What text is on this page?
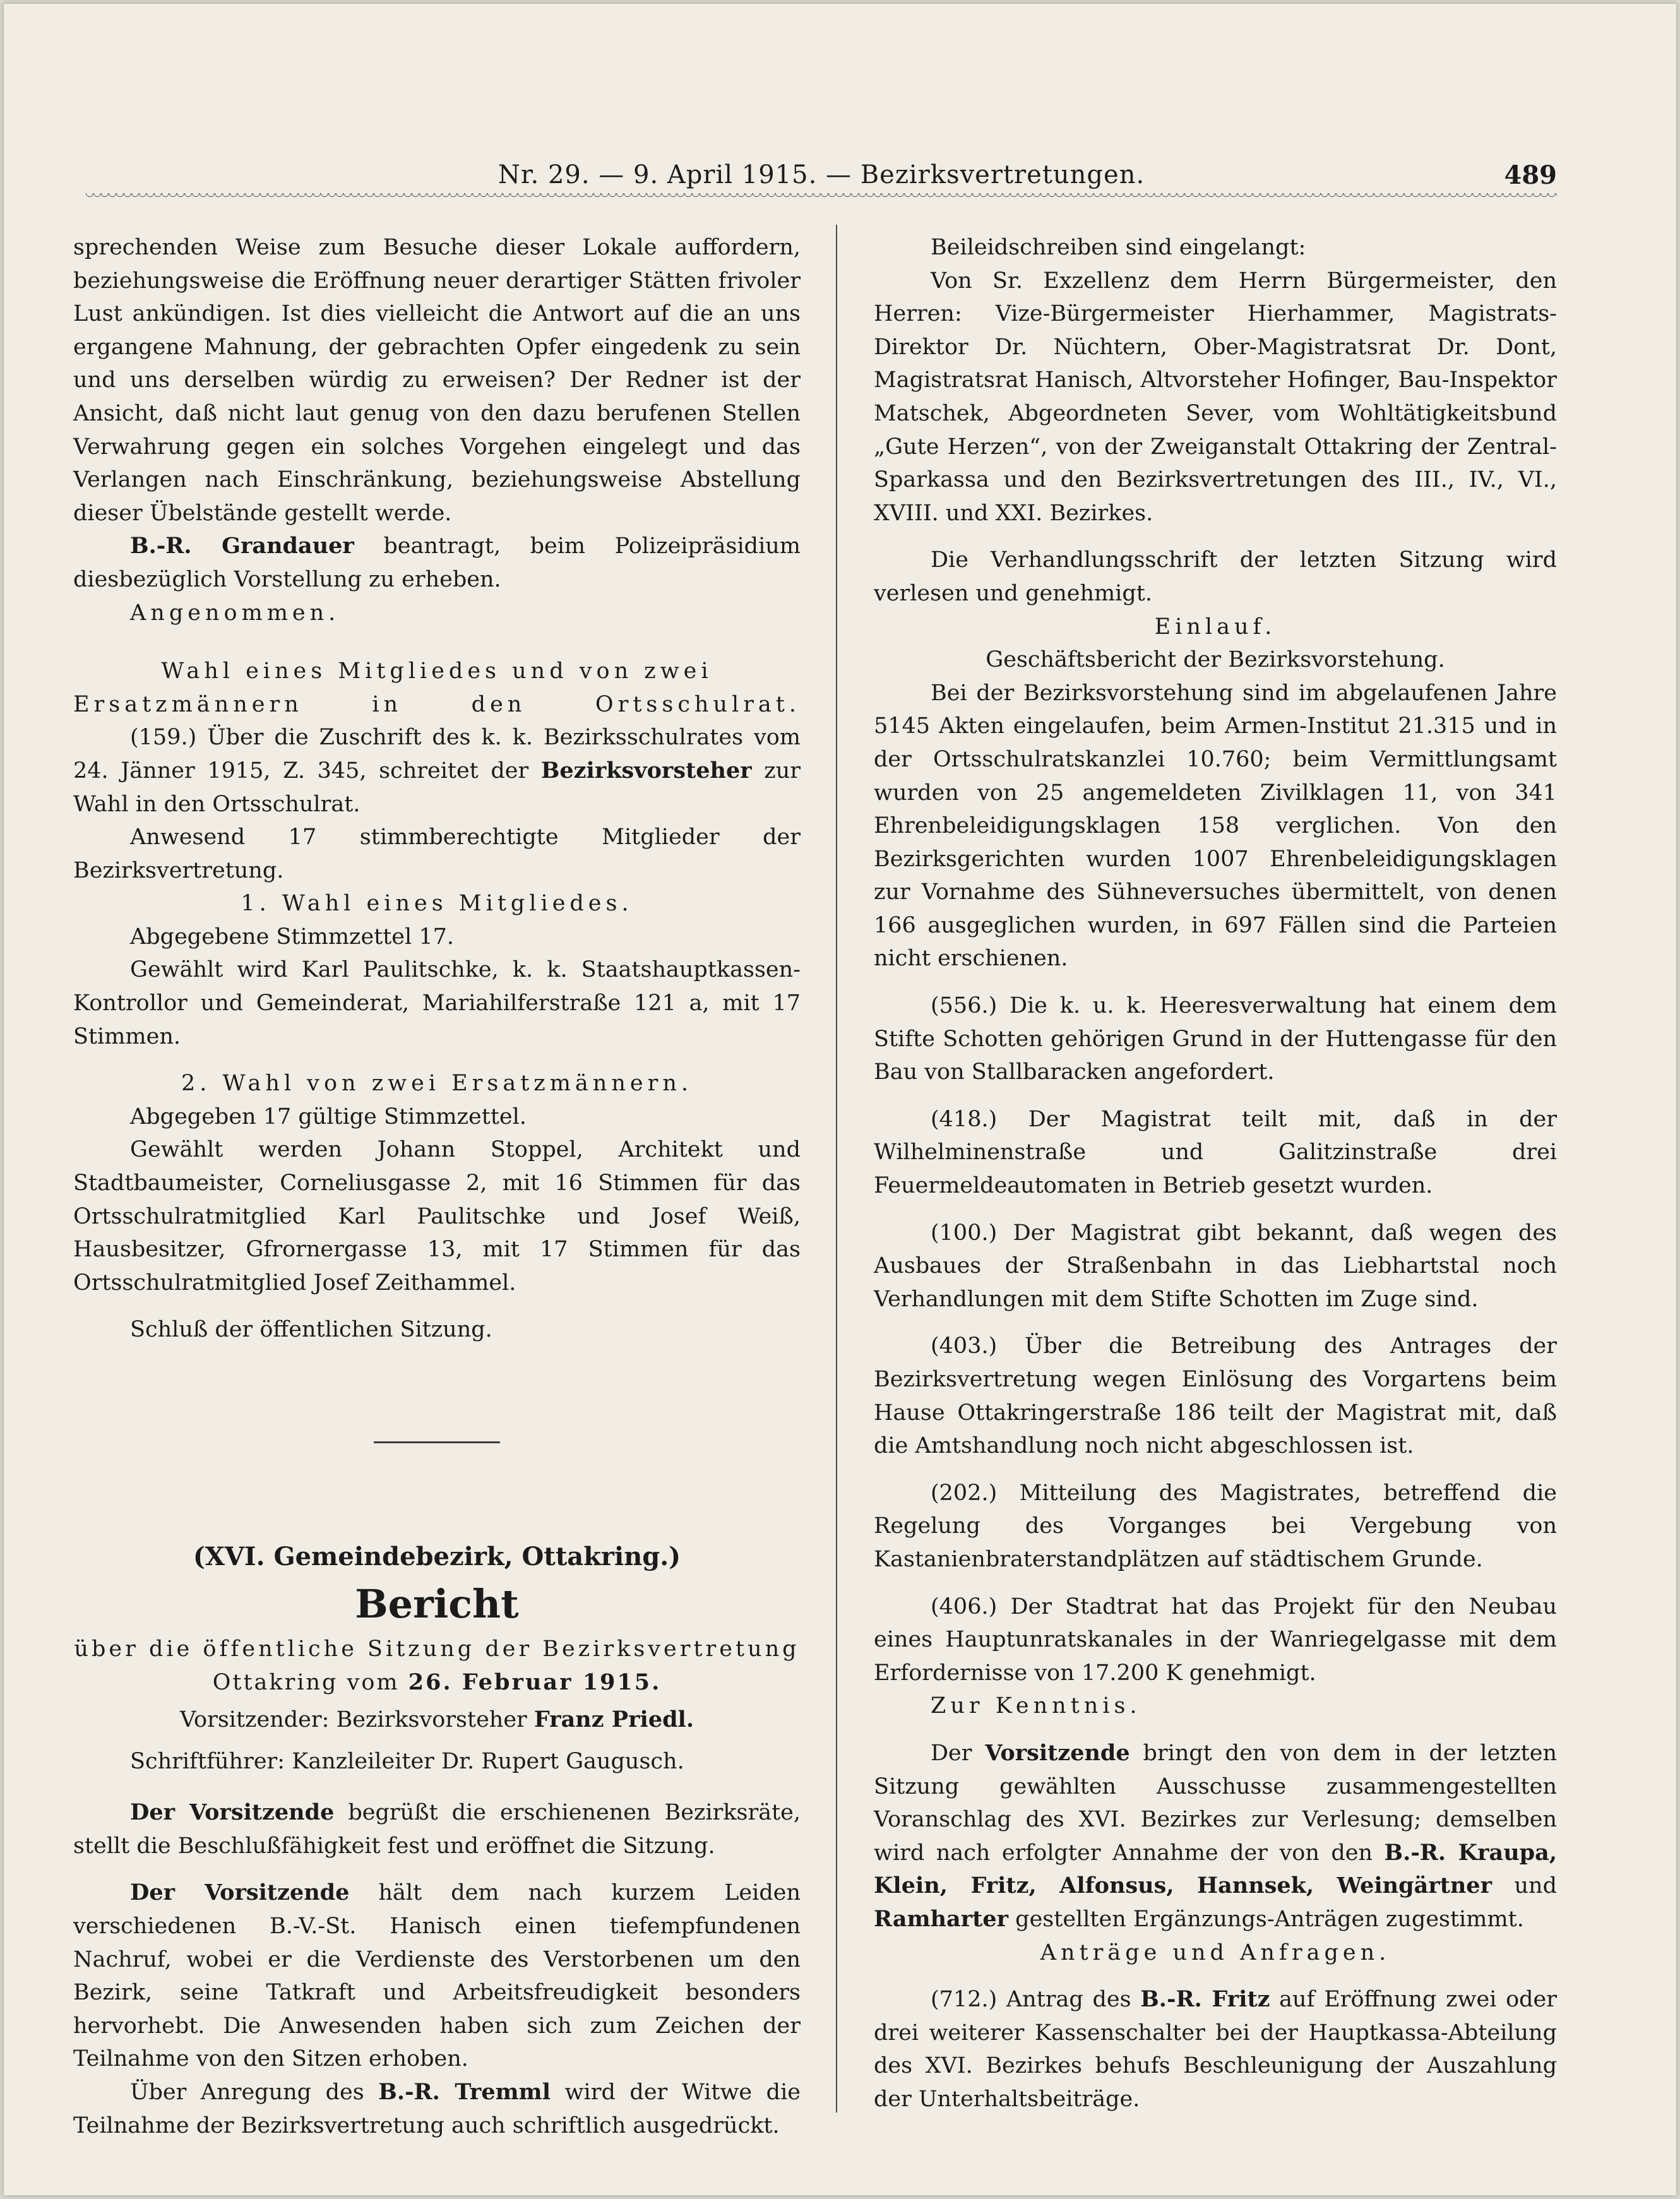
Nr. 29. — 9. April 1915. — Bezirksvertretungen.	489

sprechenden Weise zum Besuche dieser Lokale auffordern, beziehungsweise die Eröffnung neuer derartiger Stätten frivoler Lust ankündigen. Ist dies vielleicht die Antwort auf die an uns ergangene Mahnung, der gebrachten Opfer eingedenk zu sein und uns derselben würdig zu erweisen? Der Redner ist der Ansicht, daß nicht laut genug von den dazu berufenen Stellen Verwahrung gegen ein solches Vorgehen eingelegt und das Verlangen nach Einschränkung, beziehungsweise Abstellung dieser Übelstände gestellt werde.

B.-R. Grandauer beantragt, beim Polizeipräsidium diesbezüglich Vorstellung zu erheben.

Angenommen.

Wahl eines Mitgliedes und von zwei Ersatzmännern in den Ortsschulrat.

(159.) Über die Zuschrift des k. k. Bezirksschulrates vom 24. Jänner 1915, Z. 345, schreitet der Bezirksvorsteher zur Wahl in den Ortsschulrat.

Anwesend 17 stimmberechtigte Mitglieder der Bezirksvertretung.

1. Wahl eines Mitgliedes.

Abgegebene Stimmzettel 17.

Gewählt wird Karl Paulitschke, k. k. Staatshauptkassen-Kontrollor und Gemeinderat, Mariahilferstraße 121 a, mit 17 Stimmen.

2. Wahl von zwei Ersatzmännern.

Abgegeben 17 gültige Stimmzettel.

Gewählt werden Johann Stoppel, Architekt und Stadtbaumeister, Corneliusgasse 2, mit 16 Stimmen für das Ortsschulratmitglied Karl Paulitschke und Josef Weiß, Hausbesitzer, Gfrornergasse 13, mit 17 Stimmen für das Ortsschulratmitglied Josef Zeithammel.

Schluß der öffentlichen Sitzung.

(XVI. Gemeindebezirk, Ottakring.)

Bericht

über die öffentliche Sitzung der Bezirksvertretung

Ottakring vom 26. Februar 1915.

Vorsitzender: Bezirksvorsteher Franz Priedl.

Schriftführer: Kanzleileiter Dr. Rupert Gaugusch.

Der Vorsitzende begrüßt die erschienenen Bezirksräte, stellt die Beschlußfähigkeit fest und eröffnet die Sitzung.

Der Vorsitzende hält dem nach kurzem Leiden verschiedenen B.-V.-St. Hanisch einen tiefempfundenen Nachruf, wobei er die Verdienste des Verstorbenen um den Bezirk, seine Tatkraft und Arbeitsfreudigkeit besonders hervorhebt. Die Anwesenden haben sich zum Zeichen der Teilnahme von den Sitzen erhoben.

Über Anregung des B.-R. Tremml wird der Witwe die Teilnahme der Bezirksvertretung auch schriftlich ausgedrückt.

Beileidschreiben sind eingelangt:

Von Sr. Exzellenz dem Herrn Bürgermeister, den Herren: Vize-Bürgermeister Hierhammer, Magistrats-Direktor Dr. Nüchtern, Ober-Magistratsrat Dr. Dont, Magistratsrat Hanisch, Altvorsteher Hofinger, Bau-Inspektor Matschek, Abgeordneten Sever, vom Wohltätigkeitsbund „Gute Herzen“, von der Zweiganstalt Ottakring der Zentral-Sparkassa und den Bezirksvertretungen des III., IV., VI., XVIII. und XXI. Bezirkes.

Die Verhandlungsschrift der letzten Sitzung wird verlesen und genehmigt.

Einlauf.

Geschäftsbericht der Bezirksvorstehung.

Bei der Bezirksvorstehung sind im abgelaufenen Jahre 5145 Akten eingelaufen, beim Armen-Institut 21.315 und in der Ortsschulratskanzlei 10.760; beim Vermittlungsamt wurden von 25 angemeldeten Zivilklagen 11, von 341 Ehrenbeleidigungsklagen 158 verglichen. Von den Bezirksgerichten wurden 1007 Ehrenbeleidigungsklagen zur Vornahme des Sühneversuches übermittelt, von denen 166 ausgeglichen wurden, in 697 Fällen sind die Parteien nicht erschienen.

(556.) Die k. u. k. Heeresverwaltung hat einem dem Stifte Schotten gehörigen Grund in der Huttengasse für den Bau von Stallbaracken angefordert.

(418.) Der Magistrat teilt mit, daß in der Wilhelminenstraße und Galitzinstraße drei Feuermeldeautomaten in Betrieb gesetzt wurden.

(100.) Der Magistrat gibt bekannt, daß wegen des Ausbaues der Straßenbahn in das Liebhartstal noch Verhandlungen mit dem Stifte Schotten im Zuge sind.

(403.) Über die Betreibung des Antrages der Bezirksvertretung wegen Einlösung des Vorgartens beim Hause Ottakringerstraße 186 teilt der Magistrat mit, daß die Amtshandlung noch nicht abgeschlossen ist.

(202.) Mitteilung des Magistrates, betreffend die Regelung des Vorganges bei Vergebung von Kastanienbraterstandplätzen auf städtischem Grunde.

(406.) Der Stadtrat hat das Projekt für den Neubau eines Hauptunratskanales in der Wanriegelgasse mit dem Erfordernisse von 17.200 K genehmigt.

Zur Kenntnis.

Der Vorsitzende bringt den von dem in der letzten Sitzung gewählten Ausschusse zusammengestellten Voranschlag des XVI. Bezirkes zur Verlesung; demselben wird nach erfolgter Annahme der von den B.-R. Kraupa, Klein, Fritz, Alfonsus, Hannsek, Weingärtner und Ramharter gestellten Ergänzungs-Anträgen zugestimmt.

Anträge und Anfragen.

(712.) Antrag des B.-R. Fritz auf Eröffnung zwei oder drei weiterer Kassenschalter bei der Hauptkassa-Abteilung des XVI. Bezirkes behufs Beschleunigung der Auszahlung der Unterhaltsbeiträge.
